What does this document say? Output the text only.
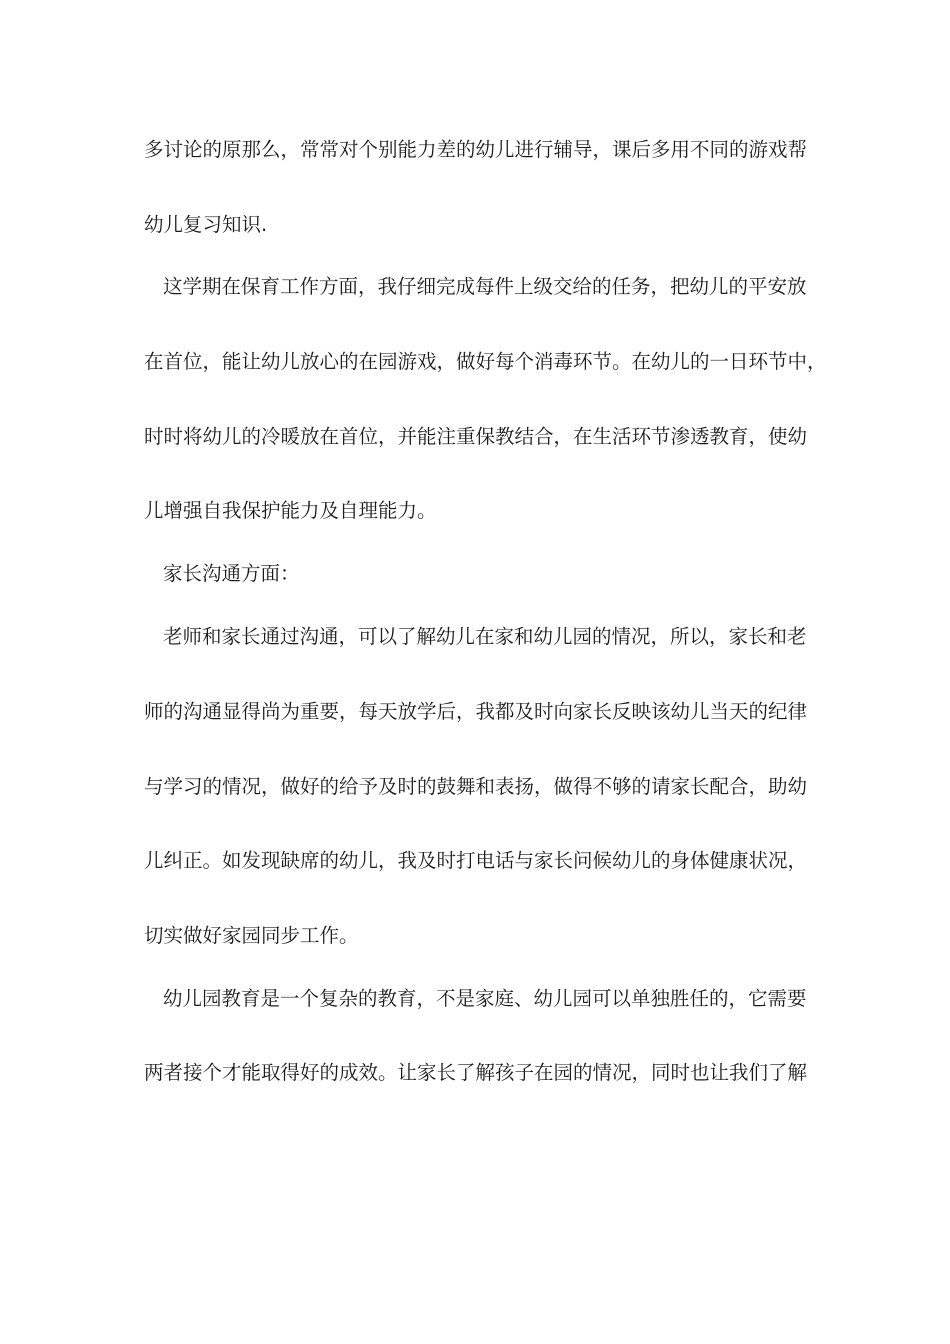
多讨论的原那么，常常对个别能力差的幼儿进行辅导，课后多用不同的游戏帮
幼儿复习知识.
这学期在保育工作方面，我仔细完成每件上级交给的任务，把幼儿的平安放
在首位，能让幼儿放心的在园游戏，做好每个消毒环节。在幼儿的一日环节中，
时时将幼儿的冷暖放在首位，并能注重保教结合，在生活环节渗透教育，使幼
儿增强自我保护能力及自理能力。
家长沟通方面：
老师和家长通过沟通，可以了解幼儿在家和幼儿园的情况，所以，家长和老
师的沟通显得尚为重要，每天放学后，我都及时向家长反映该幼儿当天的纪律
与学习的情况，做好的给予及时的鼓舞和表扬，做得不够的请家长配合，助幼
儿纠正。如发现缺席的幼儿，我及时打电话与家长问候幼儿的身体健康状况，
切实做好家园同步工作。
幼儿园教育是一个复杂的教育，不是家庭、幼儿园可以单独胜任的，它需要
两者接个才能取得好的成效。让家长了解孩子在园的情况，同时也让我们了解
